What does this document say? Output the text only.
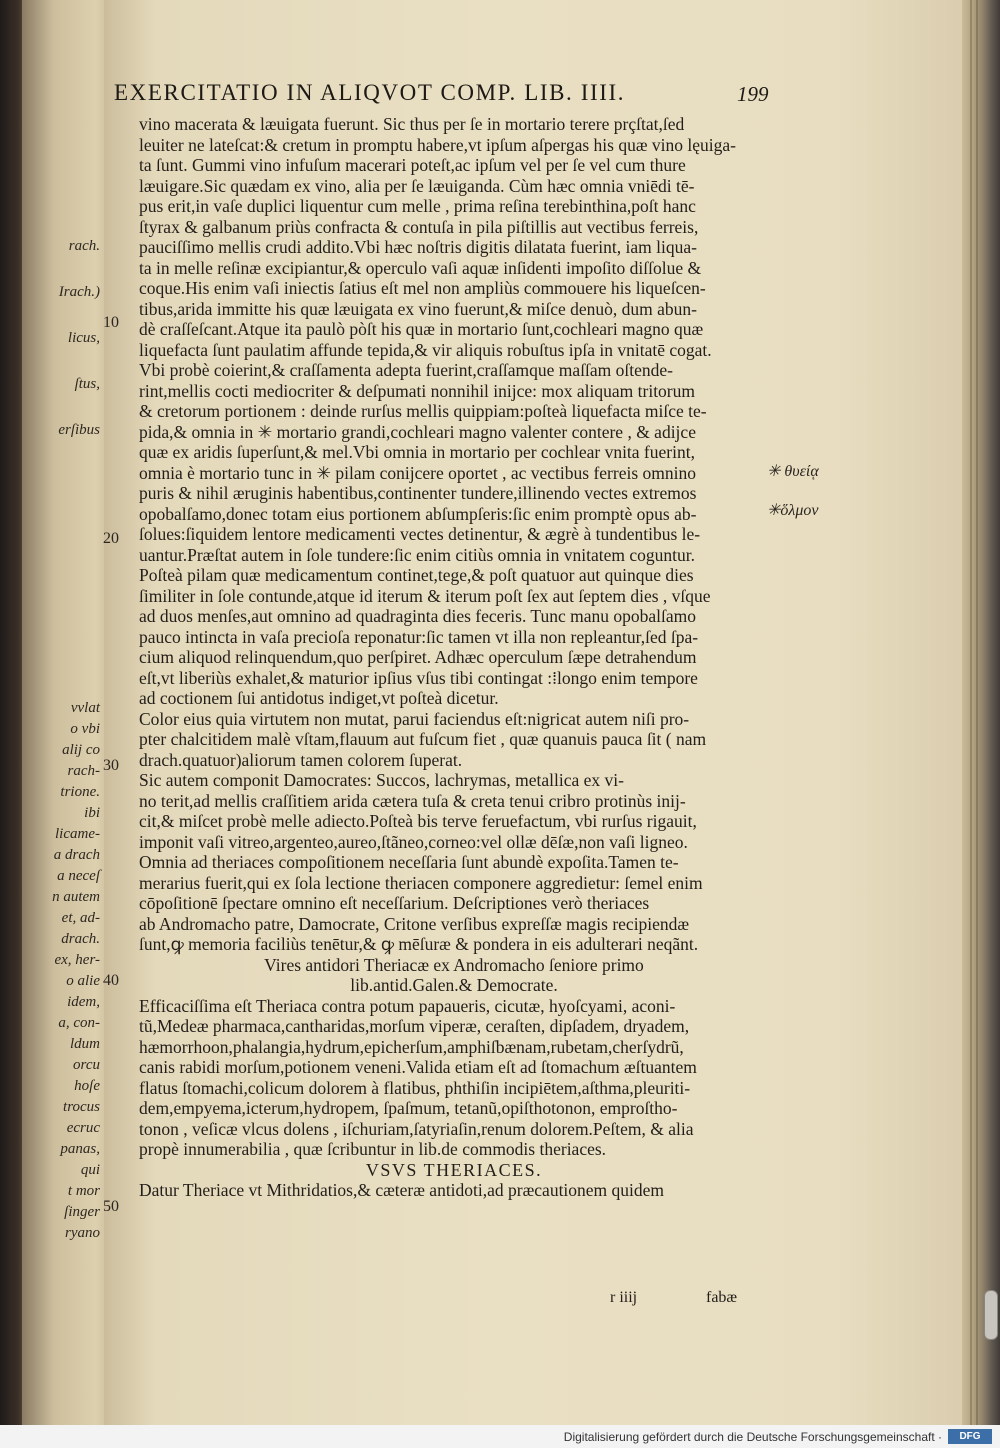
rach.
Irach.)
licus,
ſtus,
erſibus
vvlat
o vbi
alij co
rach-
trione.
ibi
licame-
a drach
a neceſ
n autem
et, ad-
drach.
ex, her-
o alie
idem,
a, con-
ldum
orcu
hoſe
trocus
ecruc
panas,
qui
t mor
ſinger
ryano
EXERCITATIO IN ALIQVOT COMP. LIB. IIII.	199
vino macerata & læuigata fuerunt. Sic thus per ſe in mortario terere prçſtat,ſed
leuiter ne lateſcat:& cretum in promptu habere,vt ipſum aſpergas his quæ vino lęuiga-
ta ſunt. Gummi vino infuſum macerari poteſt,ac ipſum vel per ſe vel cum thure
læuigare.Sic quædam ex vino, alia per ſe læuiganda. Cùm hæc omnia vniēdi tē-
pus erit,in vaſe duplici liquentur cum melle , prima reſina terebinthina,poſt hanc
ſtyrax & galbanum priùs confracta & contuſa in pila piſtillis aut vectibus ferreis,
pauciſſimo mellis crudi addito.Vbi hæc noſtris digitis dilatata fuerint, iam liqua-
ta in melle reſinæ excipiantur,& operculo vaſi aquæ inſidenti impoſito diſſolue &
coque.His enim vaſi iniectis ſatius eſt mel non ampliùs commouere his liqueſcen-
tibus,arida immitte his quæ læuigata ex vino fuerunt,& miſce denuò, dum abun-
dè craſſeſcant.Atque ita paulò pòſt his quæ in mortario ſunt,cochleari magno quæ
liquefacta ſunt paulatim affunde tepida,& vir aliquis robuſtus ipſa in vnitatē cogat.
Vbi probè coierint,& craſſamenta adepta fuerint,craſſamque maſſam oſtende-
rint,mellis cocti mediocriter & deſpumati nonnihil inijce: mox aliquam tritorum
& cretorum portionem : deinde rurſus mellis quippiam:poſteà liquefacta miſce te-
pida,& omnia in ✳ mortario grandi,cochleari magno valenter contere , & adijce
quæ ex aridis ſuperſunt,& mel.Vbi omnia in mortario per cochlear vnita fuerint,
omnia è mortario tunc in ✳ pilam conijcere oportet , ac vectibus ferreis omnino
puris & nihil æruginis habentibus,continenter tundere,illinendo vectes extremos
opobalſamo,donec totam eius portionem abſumpſeris:ſic enim promptè opus ab-
ſolues:ſiquidem lentore medicamenti vectes detinentur, & ægrè à tundentibus le-
uantur.Præſtat autem in ſole tundere:ſic enim citiùs omnia in vnitatem coguntur.
Poſteà pilam quæ medicamentum continet,tege,& poſt quatuor aut quinque dies
ſimiliter in ſole contunde,atque id iterum & iterum poſt ſex aut ſeptem dies , vſque
ad duos menſes,aut omnino ad quadraginta dies feceris. Tunc manu opobalſamo
pauco intincta in vaſa precioſa reponatur:ſic tamen vt illa non repleantur,ſed ſpa-
cium aliquod relinquendum,quo perſpiret. Adhæc operculum ſæpe detrahendum
eſt,vt liberiùs exhalet,& maturior ipſius vſus tibi contingat :⁞longo enim tempore
ad coctionem ſui antidotus indiget,vt poſteà dicetur.
Color eius quia virtutem non mutat, parui faciendus eſt:nigricat autem niſi pro-
pter chalcitidem malè vſtam,flauum aut fuſcum fiet , quæ quanuis pauca ſit ( nam
drach.quatuor)aliorum tamen colorem ſuperat.
Sic autem componit Damocrates: Succos, lachrymas, metallica ex vi-
no terit,ad mellis craſſitiem arida cætera tuſa & creta tenui cribro protinùs inij-
cit,& miſcet probè melle adiecto.Poſteà bis terve feruefactum, vbi rurſus rigauit,
imponit vaſi vitreo,argenteo,aureo,ſtãneo,corneo:vel ollæ dēſæ,non vaſi ligneo.
Omnia ad theriaces compoſitionem neceſſaria ſunt abundè expoſita.Tamen te-
merarius fuerit,qui ex ſola lectione theriacen componere aggredietur: ſemel enim
cōpoſitionē ſpectare omnino eſt neceſſarium. Deſcriptiones verò theriaces
ab Andromacho patre, Damocrate, Critone verſibus expreſſæ magis recipiendæ
ſunt,ꝙ memoria faciliùs tenētur,& ꝙ mēſuræ & pondera in eis adulterari neqãnt.
Vires antidori Theriacæ ex Andromacho ſeniore primo
lib.antid.Galen.& Democrate.
Efficaciſſima eſt Theriaca contra potum papaueris, cicutæ, hyoſcyami, aconi-
tũ,Medeæ pharmaca,cantharidas,morſum viperæ, ceraſten, dipſadem, dryadem,
hæmorrhoon,phalangia,hydrum,epicherſum,amphiſbænam,rubetam,cherſydrũ,
canis rabidi morſum,potionem veneni.Valida etiam eſt ad ſtomachum æſtuantem
flatus ſtomachi,colicum dolorem à flatibus, phthiſin incipiētem,aſthma,pleuriti-
dem,empyema,icterum,hydropem, ſpaſmum, tetanũ,opiſthotonon, emproſtho-
tonon , veſicæ vlcus dolens , iſchuriam,ſatyriaſin,renum dolorem.Peſtem, & alia
propè innumerabilia , quæ ſcribuntur in lib.de commodis theriaces.
VSVS THERIACES.
Datur Theriace vt Mithridatios,& cæteræ antidoti,ad præcautionem quidem
10
20
30
40
50
✳ θυείᾳ
✳ὅλμον
r iiij	fabæ
Digitalisierung gefördert durch die Deutsche Forschungsgemeinschaft ·	DFG
